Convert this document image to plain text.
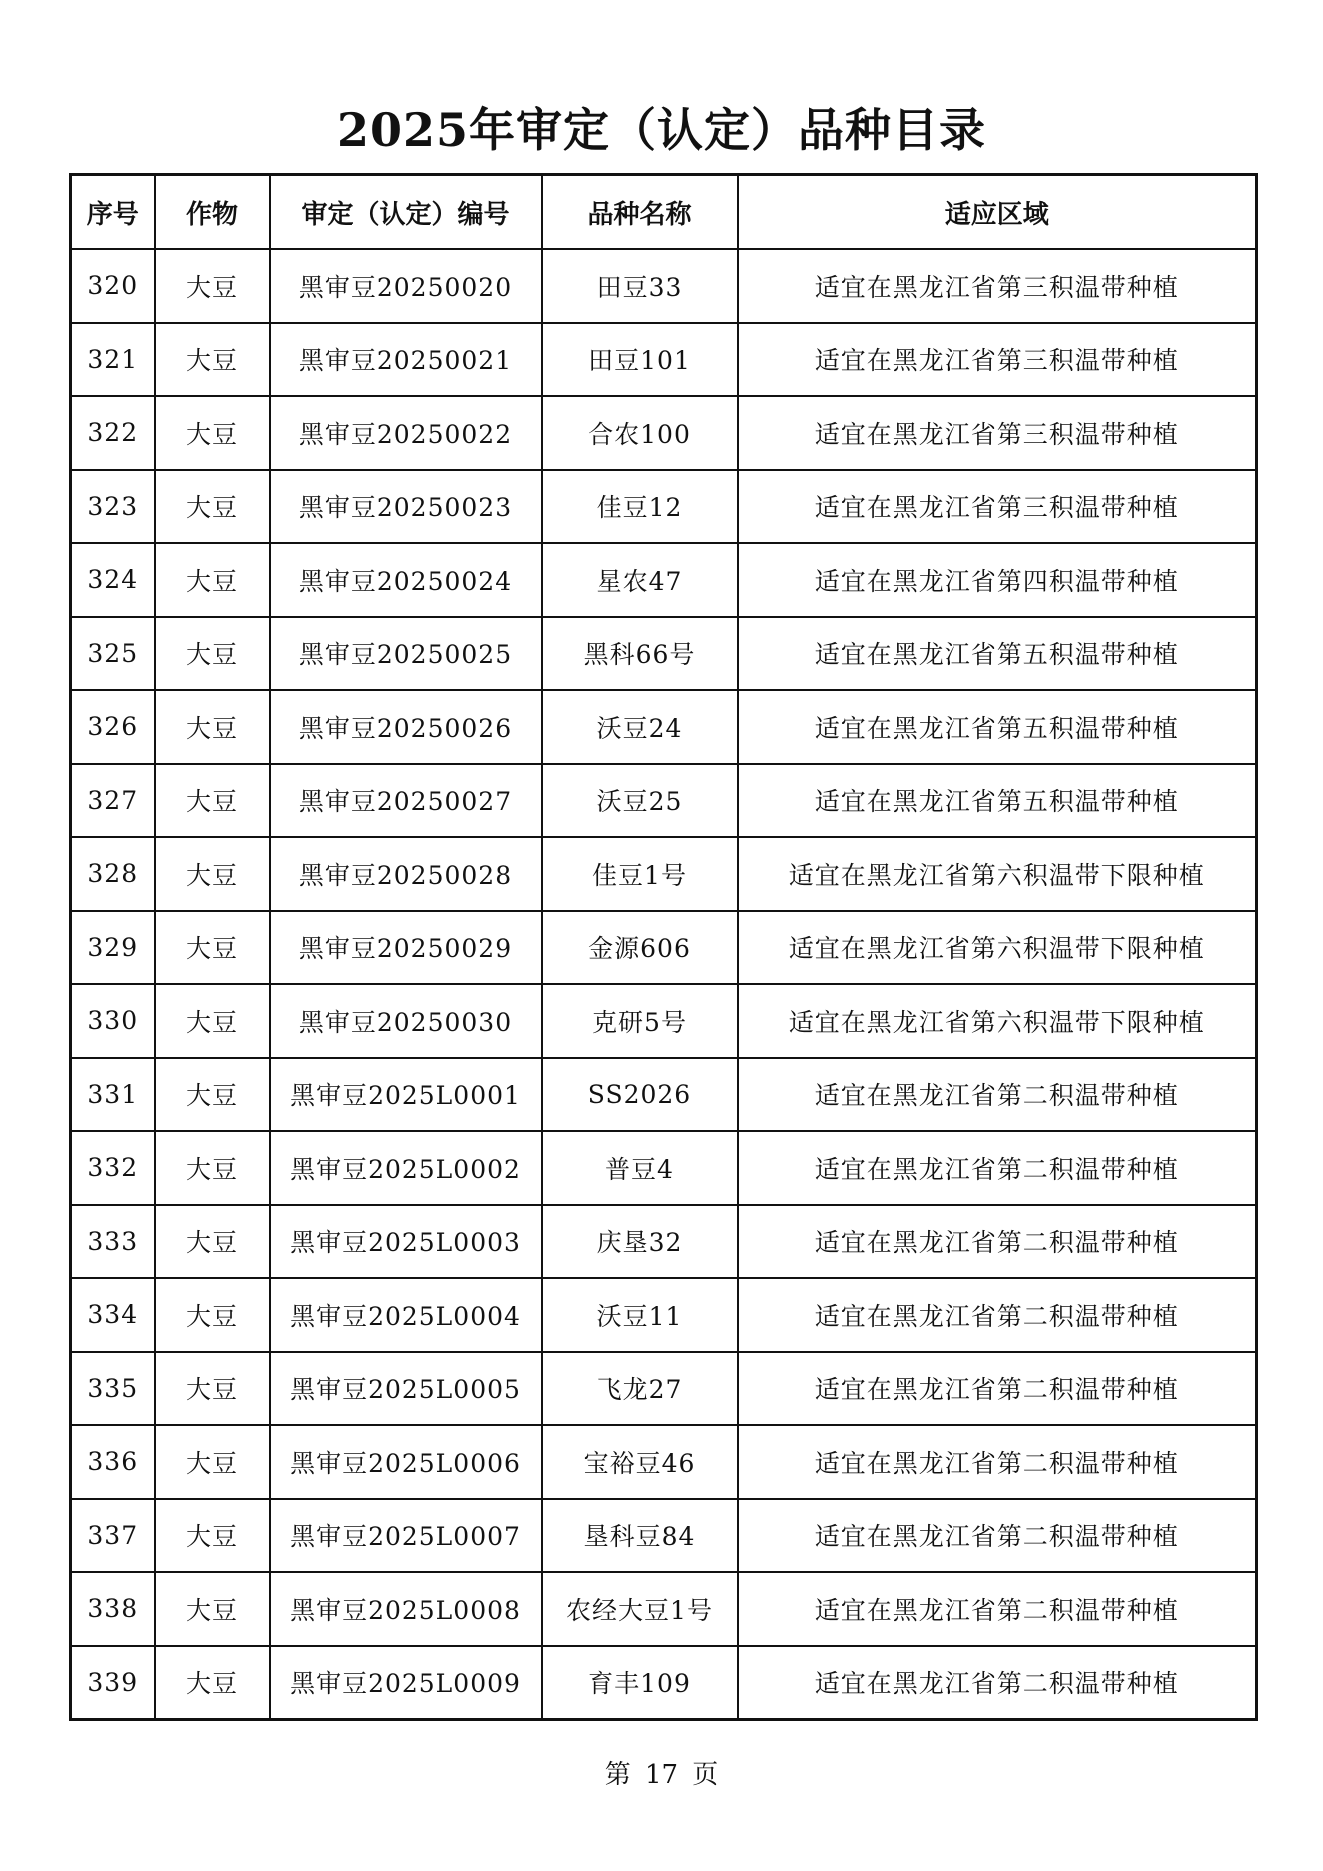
2025年审定（认定）品种目录
序号	作物	审定（认定）编号	品种名称	适应区域
320	大豆	黑审豆20250020	田豆33	适宜在黑龙江省第三积温带种植
321	大豆	黑审豆20250021	田豆101	适宜在黑龙江省第三积温带种植
322	大豆	黑审豆20250022	合农100	适宜在黑龙江省第三积温带种植
323	大豆	黑审豆20250023	佳豆12	适宜在黑龙江省第三积温带种植
324	大豆	黑审豆20250024	星农47	适宜在黑龙江省第四积温带种植
325	大豆	黑审豆20250025	黑科66号	适宜在黑龙江省第五积温带种植
326	大豆	黑审豆20250026	沃豆24	适宜在黑龙江省第五积温带种植
327	大豆	黑审豆20250027	沃豆25	适宜在黑龙江省第五积温带种植
328	大豆	黑审豆20250028	佳豆1号	适宜在黑龙江省第六积温带下限种植
329	大豆	黑审豆20250029	金源606	适宜在黑龙江省第六积温带下限种植
330	大豆	黑审豆20250030	克研5号	适宜在黑龙江省第六积温带下限种植
331	大豆	黑审豆2025L0001	SS2026	适宜在黑龙江省第二积温带种植
332	大豆	黑审豆2025L0002	普豆4	适宜在黑龙江省第二积温带种植
333	大豆	黑审豆2025L0003	庆垦32	适宜在黑龙江省第二积温带种植
334	大豆	黑审豆2025L0004	沃豆11	适宜在黑龙江省第二积温带种植
335	大豆	黑审豆2025L0005	飞龙27	适宜在黑龙江省第二积温带种植
336	大豆	黑审豆2025L0006	宝裕豆46	适宜在黑龙江省第二积温带种植
337	大豆	黑审豆2025L0007	垦科豆84	适宜在黑龙江省第二积温带种植
338	大豆	黑审豆2025L0008	农经大豆1号	适宜在黑龙江省第二积温带种植
339	大豆	黑审豆2025L0009	育丰109	适宜在黑龙江省第二积温带种植
第 17 页
